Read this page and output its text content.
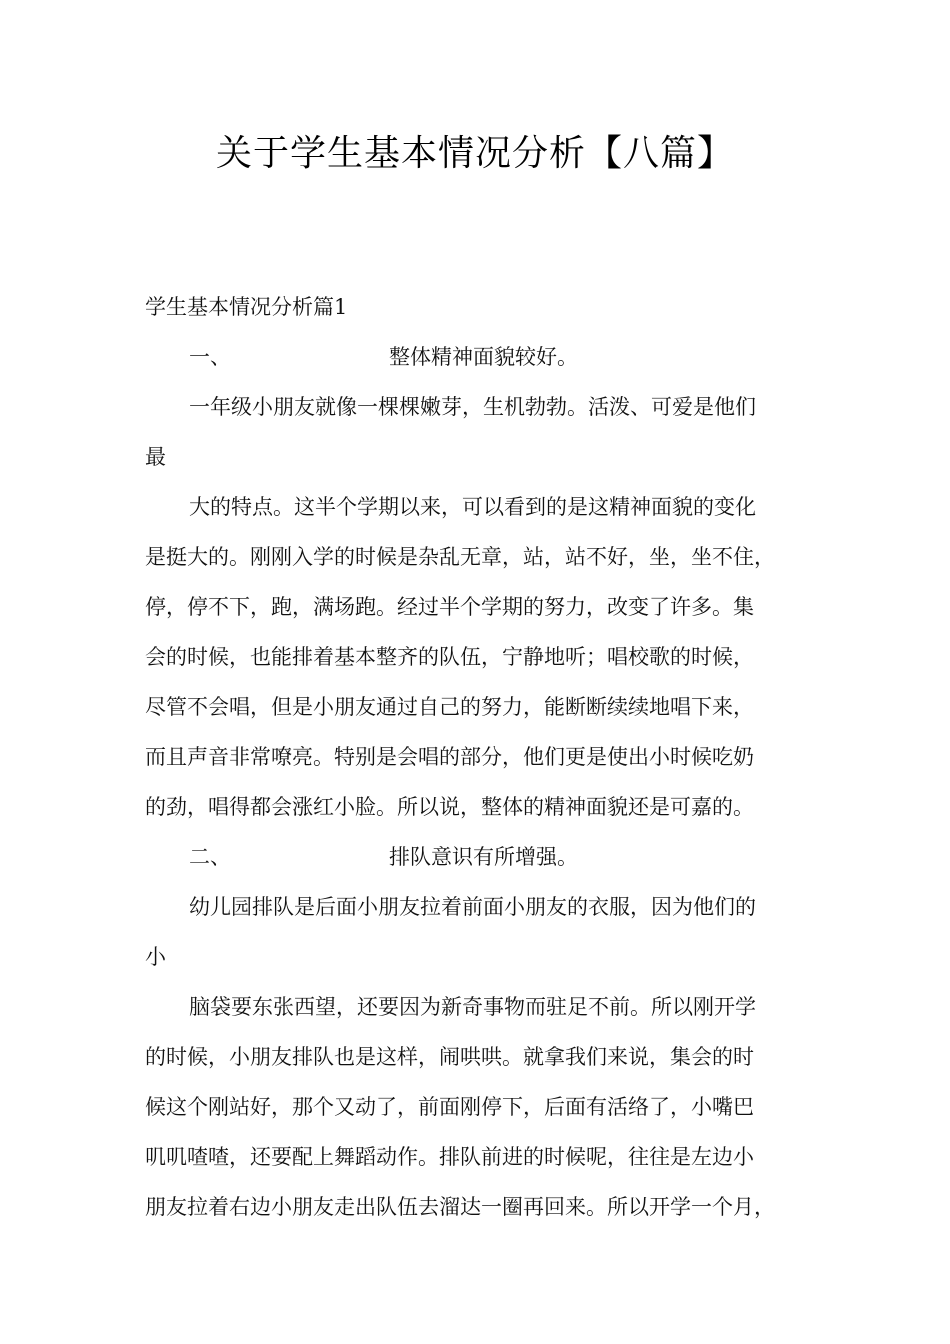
关于学生基本情况分析【八篇】
学生基本情况分析篇1
一、	整体精神面貌较好。
一年级小朋友就像一棵棵嫩芽，生机勃勃。活泼、可爱是他们
最
大的特点。这半个学期以来，可以看到的是这精神面貌的变化
是挺大的。刚刚入学的时候是杂乱无章，站，站不好，坐，坐不住，
停，停不下，跑，满场跑。经过半个学期的努力，改变了许多。集
会的时候，也能排着基本整齐的队伍，宁静地听；唱校歌的时候，
尽管不会唱，但是小朋友通过自己的努力，能断断续续地唱下来，
而且声音非常嘹亮。特别是会唱的部分，他们更是使出小时候吃奶
的劲，唱得都会涨红小脸。所以说，整体的精神面貌还是可嘉的。
二、	排队意识有所增强。
幼儿园排队是后面小朋友拉着前面小朋友的衣服，因为他们的
小
脑袋要东张西望，还要因为新奇事物而驻足不前。所以刚开学
的时候，小朋友排队也是这样，闹哄哄。就拿我们来说，集会的时
候这个刚站好，那个又动了，前面刚停下，后面有活络了，小嘴巴
叽叽喳喳，还要配上舞蹈动作。排队前进的时候呢，往往是左边小
朋友拉着右边小朋友走出队伍去溜达一圈再回来。所以开学一个月，
